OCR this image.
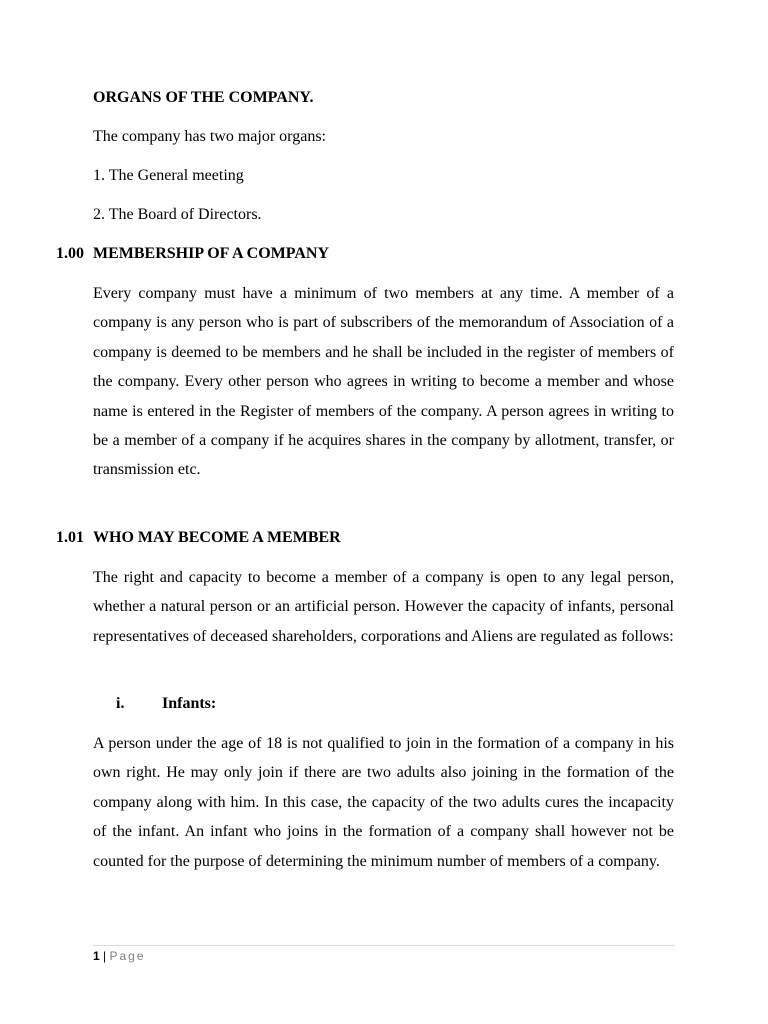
ORGANS OF THE COMPANY.

The company has two major organs:

1. The General meeting

2. The Board of Directors.

1.00 MEMBERSHIP OF A COMPANY

Every company must have a minimum of two members at any time. A member of a company is any person who is part of subscribers of the memorandum of Association of a company is deemed to be members and he shall be included in the register of members of the company. Every other person who agrees in writing to become a member and whose name is entered in the Register of members of the company. A person agrees in writing to be a member of a company if he acquires shares in the company by allotment, transfer, or transmission etc.

1.01 WHO MAY BECOME A MEMBER

The right and capacity to become a member of a company is open to any legal person, whether a natural person or an artificial person. However the capacity of infants, personal representatives of deceased shareholders, corporations and Aliens are regulated as follows:

i. Infants:

A person under the age of 18 is not qualified to join in the formation of a company in his own right. He may only join if there are two adults also joining in the formation of the company along with him. In this case, the capacity of the two adults cures the incapacity of the infant. An infant who joins in the formation of a company shall however not be counted for the purpose of determining the minimum number of members of a company.

1 | Page
